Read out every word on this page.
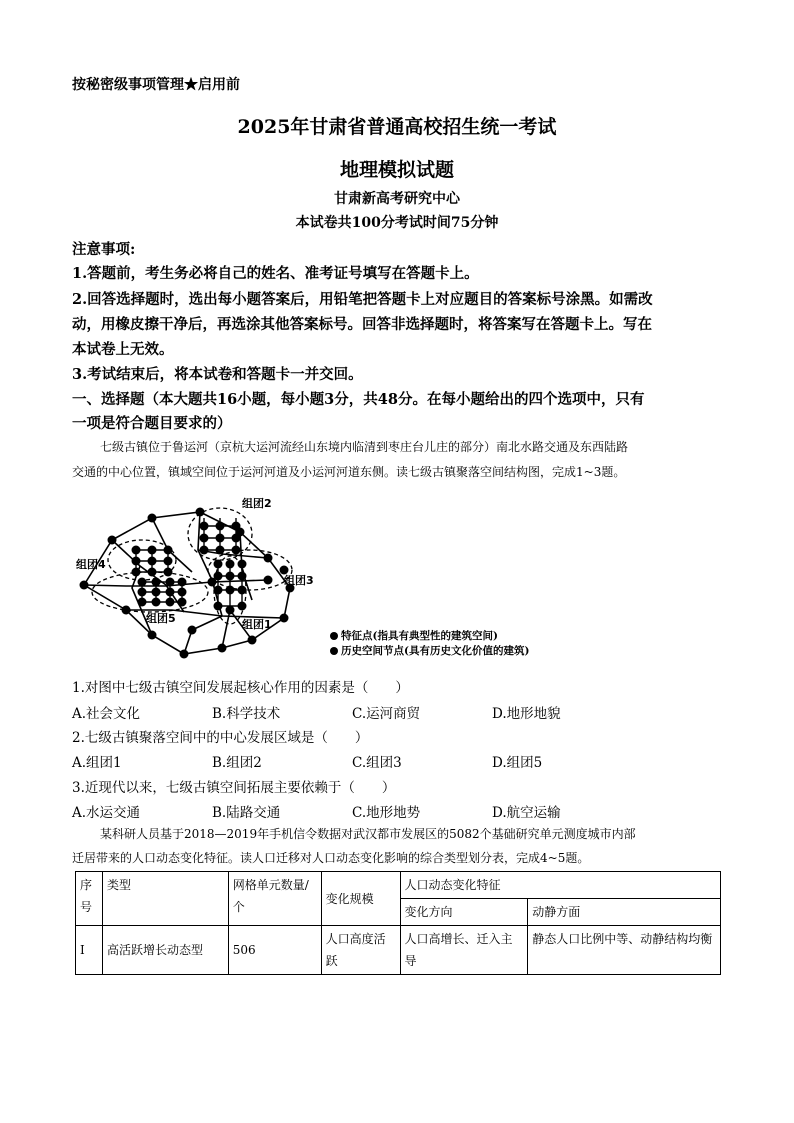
按秘密级事项管理★启用前
2025年甘肃省普通高校招生统一考试
地理模拟试题
甘肃新高考研究中心
本试卷共100分考试时间75分钟
注意事项:
1.答题前，考生务必将自己的姓名、准考证号填写在答题卡上。
2.回答选择题时，选出每小题答案后，用铅笔把答题卡上对应题目的答案标号涂黑。如需改
动，用橡皮擦干净后，再选涂其他答案标号。回答非选择题时，将答案写在答题卡上。写在
本试卷上无效。
3.考试结束后，将本试卷和答题卡一并交回。
一、选择题（本大题共16小题，每小题3分，共48分。在每小题给出的四个选项中，只有
一项是符合题目要求的）
七级古镇位于鲁运河（京杭大运河流经山东境内临清到枣庄台儿庄的部分）南北水路交通及东西陆路
交通的中心位置，镇域空间位于运河河道及小运河河道东侧。读七级古镇聚落空间结构图，完成1~3题。
组团2
组团4
组团3
组团5	组团1
特征点(指具有典型性的建筑空间)
历史空间节点(具有历史文化价值的建筑)
1.对图中七级古镇空间发展起核心作用的因素是（　　）
A.社会文化	B.科学技术	C.运河商贸	D.地形地貌
2.七级古镇聚落空间中的中心发展区域是（　　）
A.组团1	B.组团2	C.组团3	D.组团5
3.近现代以来，七级古镇空间拓展主要依赖于（　　）
A.水运交通	B.陆路交通	C.地形地势	D.航空运输
某科研人员基于2018—2019年手机信令数据对武汉都市发展区的5082个基础研究单元测度城市内部
迁居带来的人口动态变化特征。读人口迁移对人口动态变化影响的综合类型划分表，完成4~5题。
序号	类型	网格单元数量/个	变化规模	人口动态变化特征	
				变化方向	动静方面
I	高活跃增长动态型	506	人口高度活跃	人口高增长、迁入主导	静态人口比例中等、动静结构均衡
